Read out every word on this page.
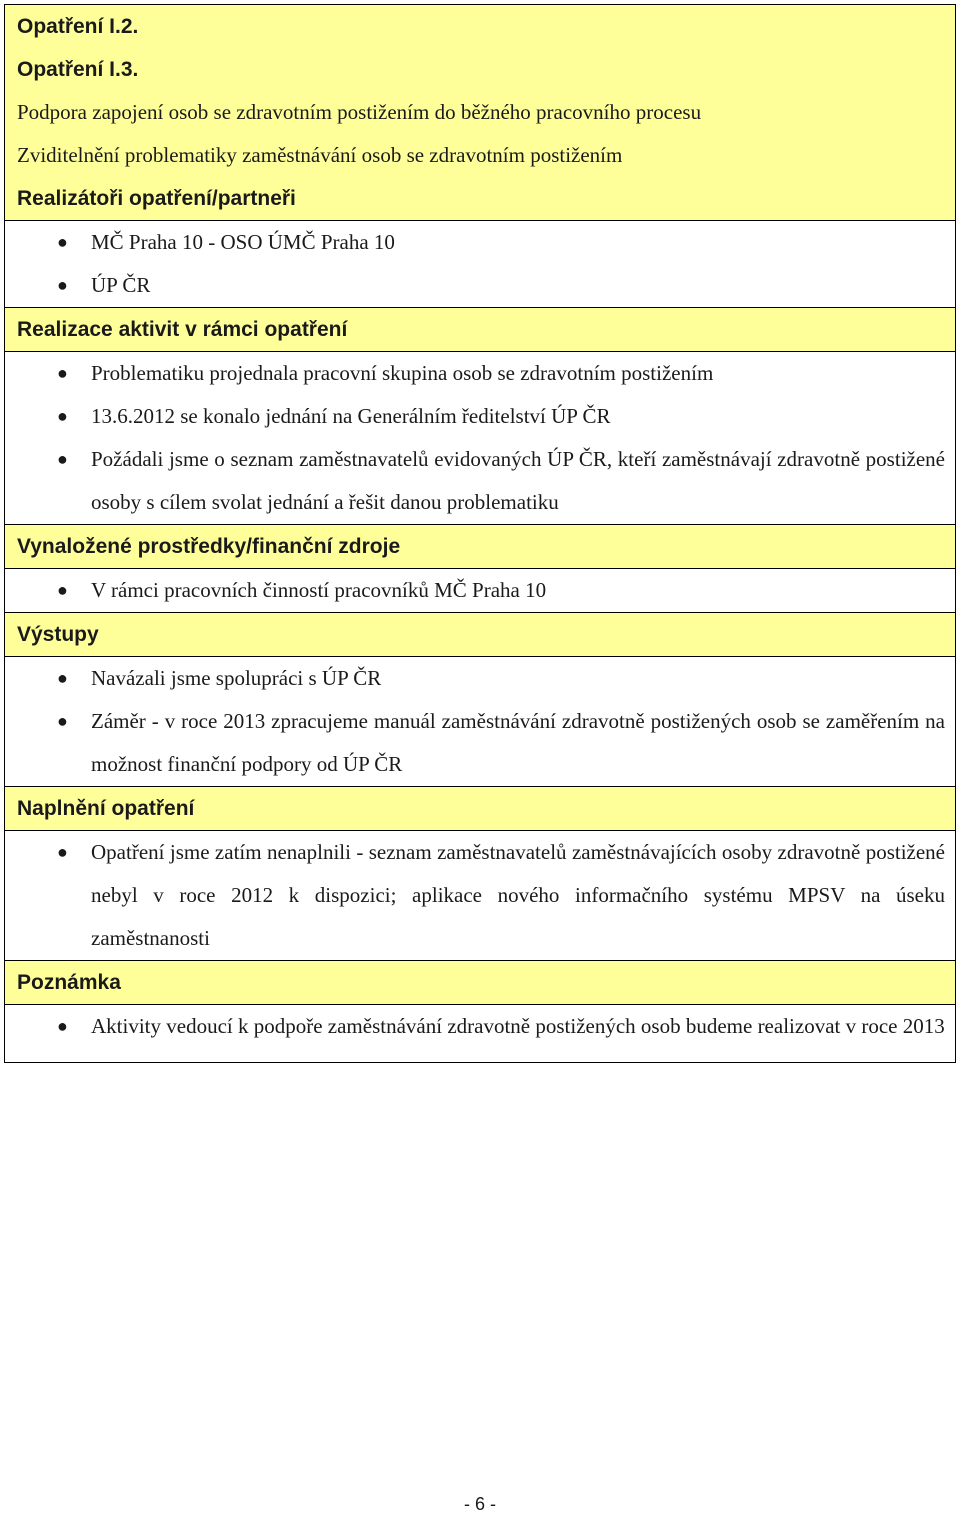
Opatření I.2.
Opatření I.3.
Podpora zapojení osob se zdravotním postižením do běžného pracovního procesu
Zviditelnění problematiky zaměstnávání osob se zdravotním postižením
Realizátoři opatření/partneři

● MČ Praha 10 - OSO ÚMČ Praha 10
● ÚP ČR

Realizace aktivit v rámci opatření

● Problematiku projednala pracovní skupina osob se zdravotním postižením
● 13.6.2012 se konalo jednání na Generálním ředitelství ÚP ČR
● Požádali jsme o seznam zaměstnavatelů evidovaných ÚP ČR, kteří zaměstnávají zdravotně postižené osoby s cílem svolat jednání a řešit danou problematiku

Vynaložené prostředky/finanční zdroje

● V rámci pracovních činností pracovníků MČ Praha 10

Výstupy

● Navázali jsme spolupráci s ÚP ČR
● Záměr - v roce 2013 zpracujeme manuál zaměstnávání zdravotně postižených osob se zaměřením na možnost finanční podpory od ÚP ČR

Naplnění opatření

● Opatření jsme zatím nenaplnili - seznam zaměstnavatelů zaměstnávajících osoby zdravotně postižené nebyl v roce 2012 k dispozici; aplikace nového informačního systému MPSV na úseku zaměstnanosti

Poznámka

● Aktivity vedoucí k podpoře zaměstnávání zdravotně postižených osob budeme realizovat v roce 2013
- 6 -
